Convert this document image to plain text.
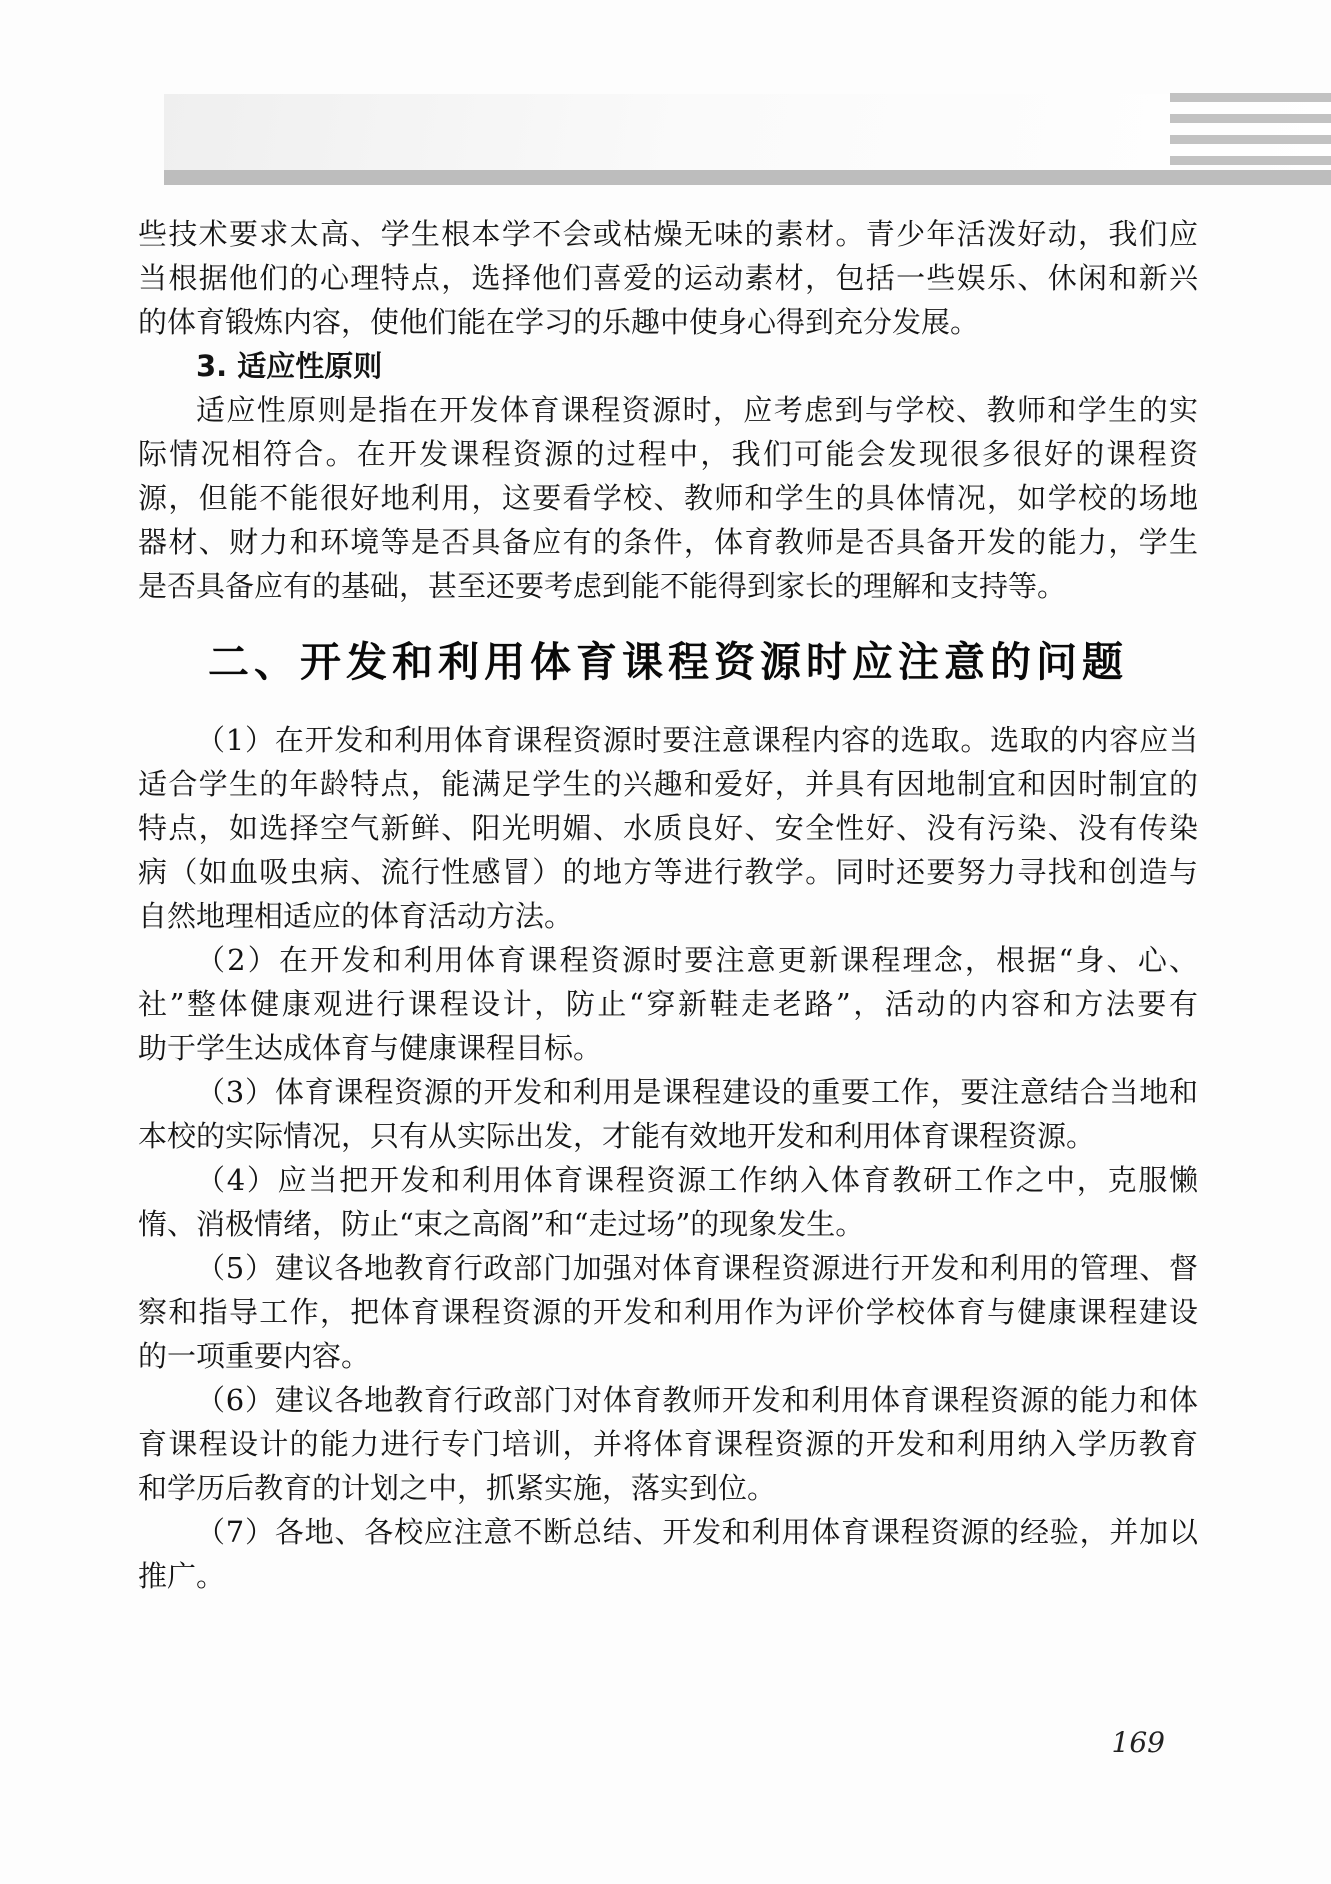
些技术要求太高、学生根本学不会或枯燥无味的素材。青少年活泼好动，我们应

当根据他们的心理特点，选择他们喜爱的运动素材，包括一些娱乐、休闲和新兴

的体育锻炼内容，使他们能在学习的乐趣中使身心得到充分发展。

3. 适应性原则

适应性原则是指在开发体育课程资源时，应考虑到与学校、教师和学生的实

际情况相符合。在开发课程资源的过程中，我们可能会发现很多很好的课程资

源，但能不能很好地利用，这要看学校、教师和学生的具体情况，如学校的场地

器材、财力和环境等是否具备应有的条件，体育教师是否具备开发的能力，学生

是否具备应有的基础，甚至还要考虑到能不能得到家长的理解和支持等。

二、开发和利用体育课程资源时应注意的问题

（1）在开发和利用体育课程资源时要注意课程内容的选取。选取的内容应当

适合学生的年龄特点，能满足学生的兴趣和爱好，并具有因地制宜和因时制宜的

特点，如选择空气新鲜、阳光明媚、水质良好、安全性好、没有污染、没有传染

病（如血吸虫病、流行性感冒）的地方等进行教学。同时还要努力寻找和创造与

自然地理相适应的体育活动方法。

（2）在开发和利用体育课程资源时要注意更新课程理念，根据“身、心、

社”整体健康观进行课程设计，防止“穿新鞋走老路”，活动的内容和方法要有

助于学生达成体育与健康课程目标。

（3）体育课程资源的开发和利用是课程建设的重要工作，要注意结合当地和

本校的实际情况，只有从实际出发，才能有效地开发和利用体育课程资源。

（4）应当把开发和利用体育课程资源工作纳入体育教研工作之中，克服懒

惰、消极情绪，防止“束之高阁”和“走过场”的现象发生。

（5）建议各地教育行政部门加强对体育课程资源进行开发和利用的管理、督

察和指导工作，把体育课程资源的开发和利用作为评价学校体育与健康课程建设

的一项重要内容。

（6）建议各地教育行政部门对体育教师开发和利用体育课程资源的能力和体

育课程设计的能力进行专门培训，并将体育课程资源的开发和利用纳入学历教育

和学历后教育的计划之中，抓紧实施，落实到位。

（7）各地、各校应注意不断总结、开发和利用体育课程资源的经验，并加以

推广。

169
